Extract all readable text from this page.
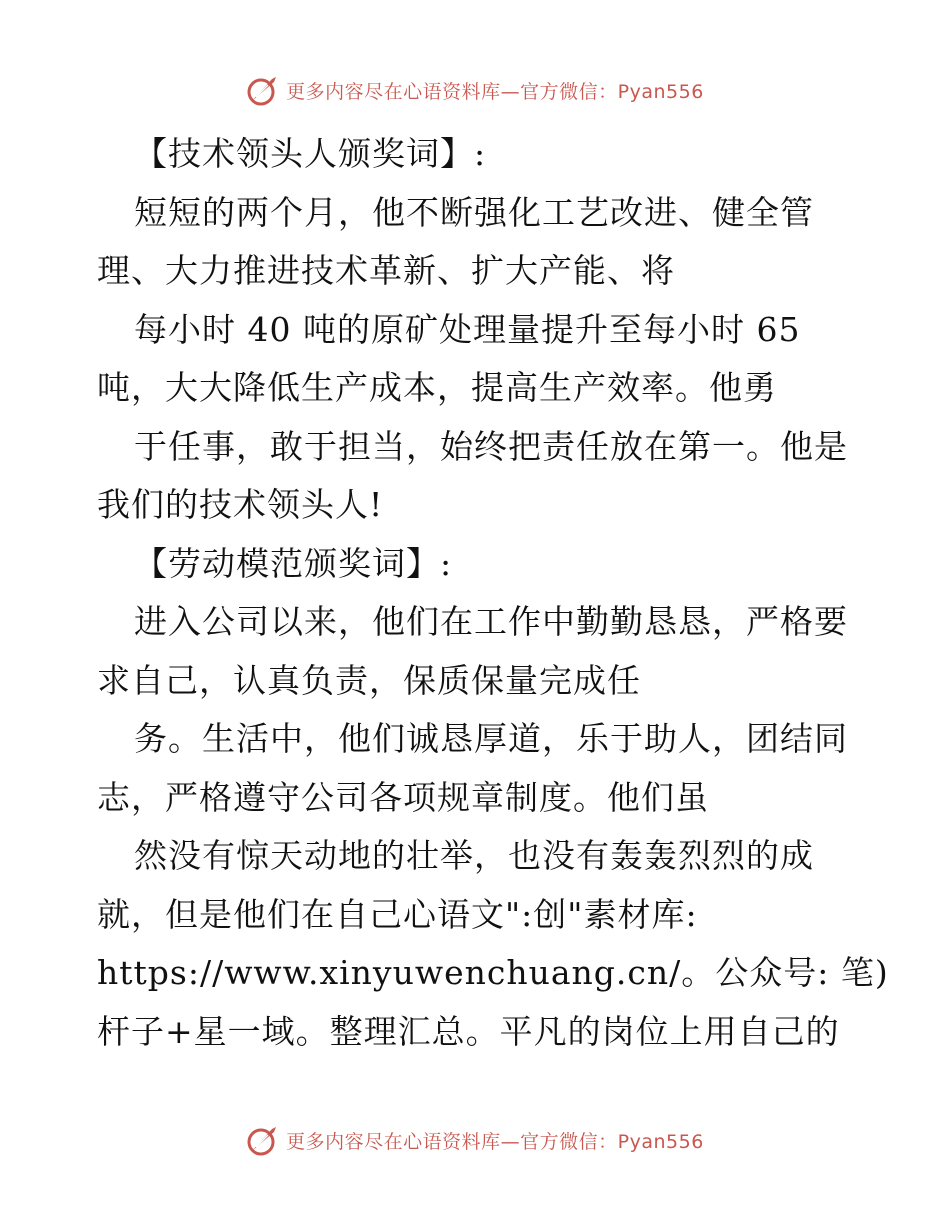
更多内容尽在心语资料库—官方微信：Pyan556
【技术领头人颁奖词】:
短短的两个月，他不断强化工艺改进、健全管
理、大力推进技术革新、扩大产能、将
每小时 40 吨的原矿处理量提升至每小时 65
吨，大大降低生产成本，提高生产效率。他勇
于任事，敢于担当，始终把责任放在第一。他是
我们的技术领头人!
【劳动模范颁奖词】:
进入公司以来，他们在工作中勤勤恳恳，严格要
求自己，认真负责，保质保量完成任
务。生活中，他们诚恳厚道，乐于助人，团结同
志，严格遵守公司各项规章制度。他们虽
然没有惊天动地的壮举，也没有轰轰烈烈的成
就，但是他们在自己心语文":创"素材库:
https://www.xinyuwenchuang.cn/。公众号: 笔)
杆子+星一域。整理汇总。平凡的岗位上用自己的
更多内容尽在心语资料库—官方微信：Pyan556
